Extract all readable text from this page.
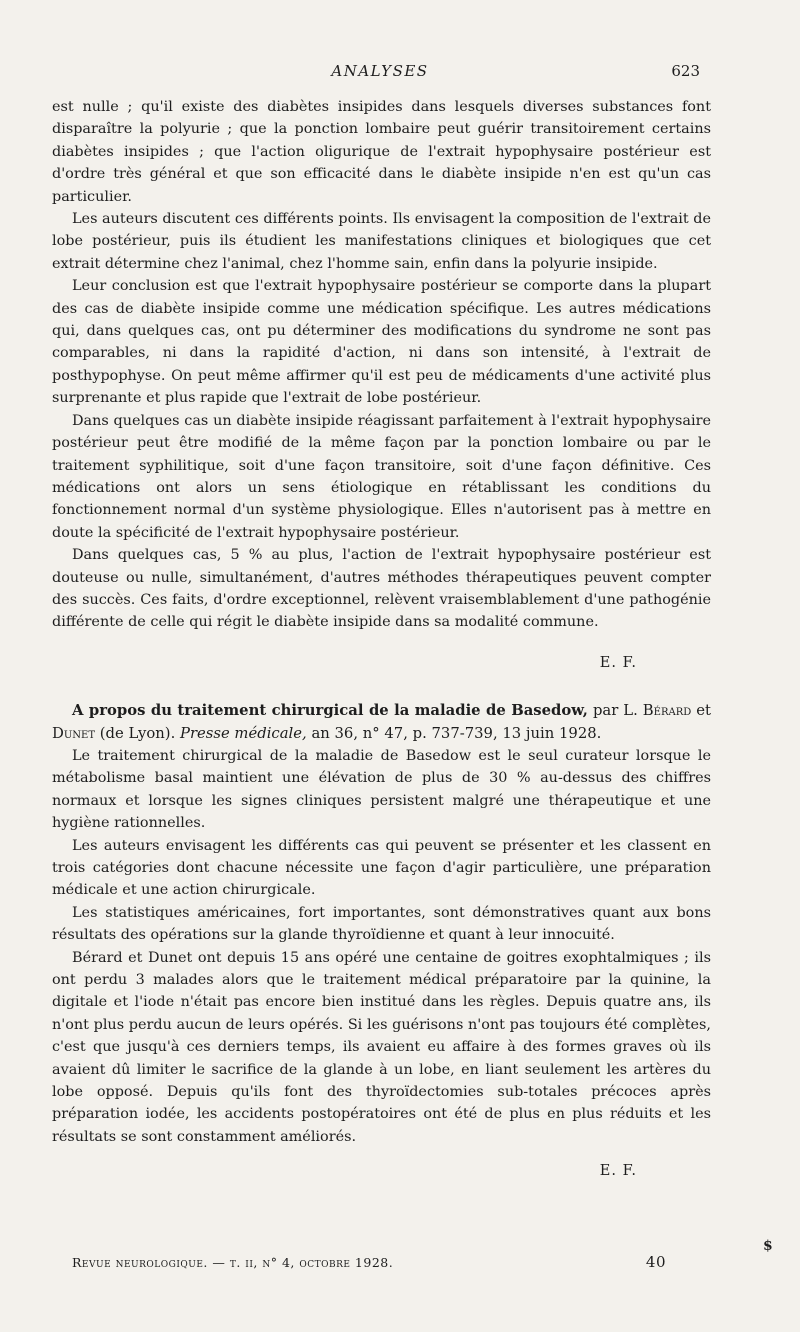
ANALYSES	623

est nulle ; qu'il existe des diabètes insipides dans lesquels diverses substances font disparaître la polyurie ; que la ponction lombaire peut guérir transitoirement certains diabètes insipides ; que l'action oligurique de l'extrait hypophysaire postérieur est d'ordre très général et que son efficacité dans le diabète insipide n'en est qu'un cas particulier.

Les auteurs discutent ces différents points. Ils envisagent la composition de l'extrait de lobe postérieur, puis ils étudient les manifestations cliniques et biologiques que cet extrait détermine chez l'animal, chez l'homme sain, enfin dans la polyurie insipide.

Leur conclusion est que l'extrait hypophysaire postérieur se comporte dans la plupart des cas de diabète insipide comme une médication spécifique. Les autres médications qui, dans quelques cas, ont pu déterminer des modifications du syndrome ne sont pas comparables, ni dans la rapidité d'action, ni dans son intensité, à l'extrait de posthypophyse. On peut même affirmer qu'il est peu de médicaments d'une activité plus surprenante et plus rapide que l'extrait de lobe postérieur.

Dans quelques cas un diabète insipide réagissant parfaitement à l'extrait hypophysaire postérieur peut être modifié de la même façon par la ponction lombaire ou par le traitement syphilitique, soit d'une façon transitoire, soit d'une façon définitive. Ces médications ont alors un sens étiologique en rétablissant les conditions du fonctionnement normal d'un système physiologique. Elles n'autorisent pas à mettre en doute la spécificité de l'extrait hypophysaire postérieur.

Dans quelques cas, 5 % au plus, l'action de l'extrait hypophysaire postérieur est douteuse ou nulle, simultanément, d'autres méthodes thérapeutiques peuvent compter des succès. Ces faits, d'ordre exceptionnel, relèvent vraisemblablement d'une pathogénie différente de celle qui régit le diabète insipide dans sa modalité commune.

E. F.

A propos du traitement chirurgical de la maladie de Basedow, par L. Bérard et Dunet (de Lyon). Presse médicale, an 36, n° 47, p. 737-739, 13 juin 1928.

Le traitement chirurgical de la maladie de Basedow est le seul curateur lorsque le métabolisme basal maintient une élévation de plus de 30 % au-dessus des chiffres normaux et lorsque les signes cliniques persistent malgré une thérapeutique et une hygiène rationnelles.

Les auteurs envisagent les différents cas qui peuvent se présenter et les classent en trois catégories dont chacune nécessite une façon d'agir particulière, une préparation médicale et une action chirurgicale.

Les statistiques américaines, fort importantes, sont démonstratives quant aux bons résultats des opérations sur la glande thyroïdienne et quant à leur innocuité.

Bérard et Dunet ont depuis 15 ans opéré une centaine de goitres exophtalmiques ; ils ont perdu 3 malades alors que le traitement médical préparatoire par la quinine, la digitale et l'iode n'était pas encore bien institué dans les règles. Depuis quatre ans, ils n'ont plus perdu aucun de leurs opérés. Si les guérisons n'ont pas toujours été complètes, c'est que jusqu'à ces derniers temps, ils avaient eu affaire à des formes graves où ils avaient dû limiter le sacrifice de la glande à un lobe, en liant seulement les artères du lobe opposé. Depuis qu'ils font des thyroïdectomies sub-totales précoces après préparation iodée, les accidents postopératoires ont été de plus en plus réduits et les résultats se sont constamment améliorés.

E. F.
Revue neurologique. — t. ii, n° 4, octobre 1928.	40
$
